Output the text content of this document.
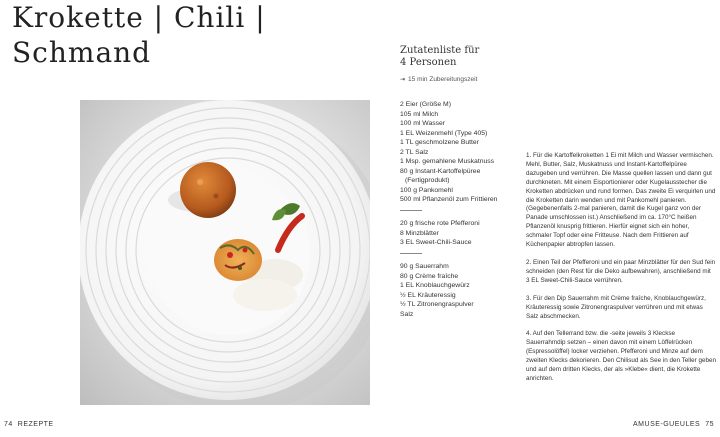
Krokette | Chili |
Schmand	Zutatenliste für
4 Personen
⇥ 15 min Zubereitungszeit
2 Eier (Größe M)
105 ml Milch
100 ml Wasser
1 EL Weizenmehl (Type 405)
1 TL geschmolzene Butter
2 TL Salz
1 Msp. gemahlene Muskatnuss
80 g Instant-Kartoffelpüree
(Fertigprodukt)
100 g Pankomehl
500 ml Pflanzenöl zum Frittieren
20 g frische rote Pfefferoni
8 Minzblätter
3 EL Sweet-Chili-Sauce
90 g Sauerrahm
80 g Crème fraîche
1 EL Knoblauchgewürz
½ EL Kräuteressig
½ TL Zitronengraspulver
Salz

1. Für die Kartoffelkroketten 1 Ei mit Milch und Wasser vermischen. Mehl, Butter, Salz, Muskatnuss und Instant-Kartoffelpüree dazugeben und verrühren. Die Masse quellen lassen und dann gut durchkneten. Mit einem Eisportionierer oder Kugelausstecher die Kroketten abdrücken und rund formen. Das zweite Ei verquirlen und die Kroketten darin wenden und mit Pankomehl panieren. (Gegebenenfalls 2-mal panieren, damit die Kugel ganz von der Panade umschlossen ist.) Anschließend im ca. 170°C heißen Pflanzenöl knusprig frittieren. Hierfür eignet sich ein hoher, schmaler Topf oder eine Fritteuse. Nach dem Frittieren auf Küchenpapier abtropfen lassen.

2. Einen Teil der Pfefferoni und ein paar Minzblätter für den Sud fein schneiden (den Rest für die Deko aufbewahren), anschließend mit 3 EL Sweet-Chili-Sauce verrühren.

3. Für den Dip Sauerrahm mit Crème fraîche, Knoblauchgewürz, Kräuteressig sowie Zitronengraspulver verrühren und mit etwas Salz abschmecken.

4. Auf den Tellerrand bzw. die -seite jeweils 3 Kleckse Sauerrahmdip setzen – einen davon mit einem Löffelrücken (Espressolöffel) locker verziehen. Pfefferoni und Minze auf dem zweiten Klecks dekorieren. Den Chilisud als See in den Teller geben und auf dem dritten Klecks, der als »Klebe« dient, die Krokette anrichten.

74 REZEPTE	AMUSE-GUEULES 75
